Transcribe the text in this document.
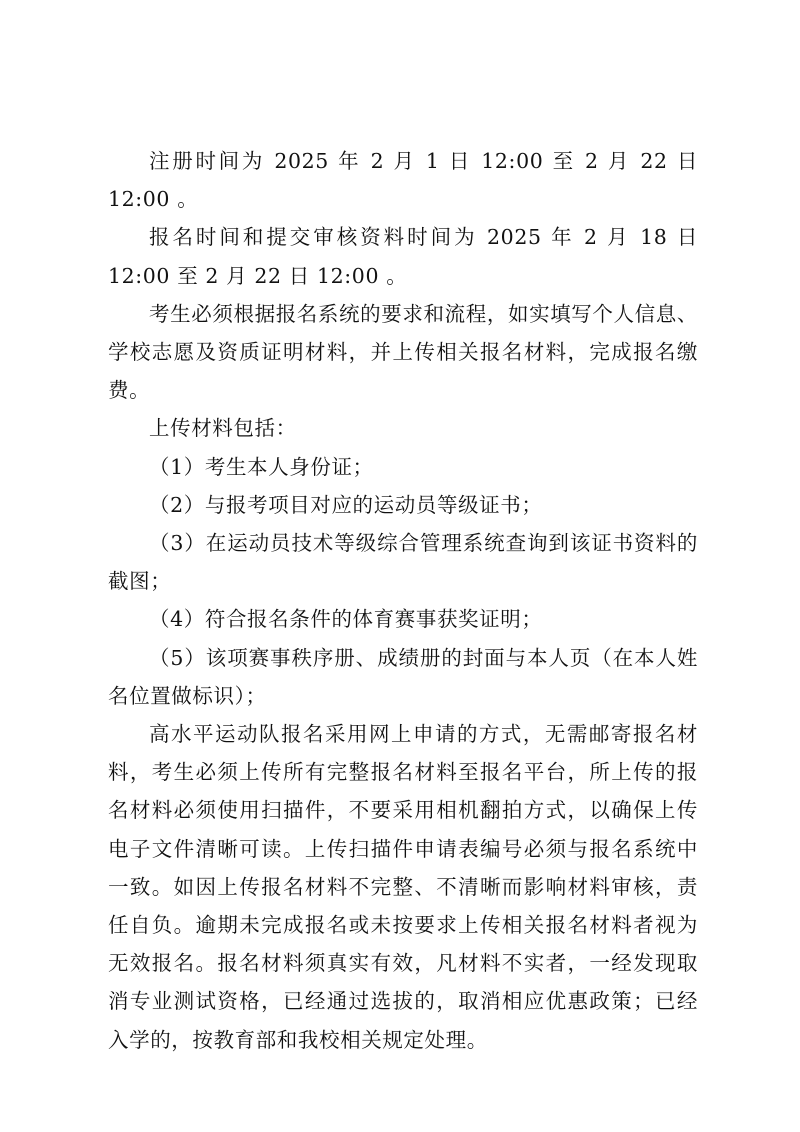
注册时间为 2025 年 2 月 1 日 12:00 至 2 月 22 日 12:00 。

报名时间和提交审核资料时间为 2025 年 2 月 18 日 12:00 至 2 月 22 日 12:00 。

考生必须根据报名系统的要求和流程，如实填写个人信息、学校志愿及资质证明材料，并上传相关报名材料，完成报名缴费。

上传材料包括：

（1）考生本人身份证；

（2）与报考项目对应的运动员等级证书；

（3）在运动员技术等级综合管理系统查询到该证书资料的截图；

（4）符合报名条件的体育赛事获奖证明；

（5）该项赛事秩序册、成绩册的封面与本人页（在本人姓名位置做标识）；

高水平运动队报名采用网上申请的方式，无需邮寄报名材料，考生必须上传所有完整报名材料至报名平台，所上传的报名材料必须使用扫描件，不要采用相机翻拍方式，以确保上传电子文件清晰可读。上传扫描件申请表编号必须与报名系统中一致。如因上传报名材料不完整、不清晰而影响材料审核，责任自负。逾期未完成报名或未按要求上传相关报名材料者视为无效报名。报名材料须真实有效，凡材料不实者，一经发现取消专业测试资格，已经通过选拔的，取消相应优惠政策；已经入学的，按教育部和我校相关规定处理。
